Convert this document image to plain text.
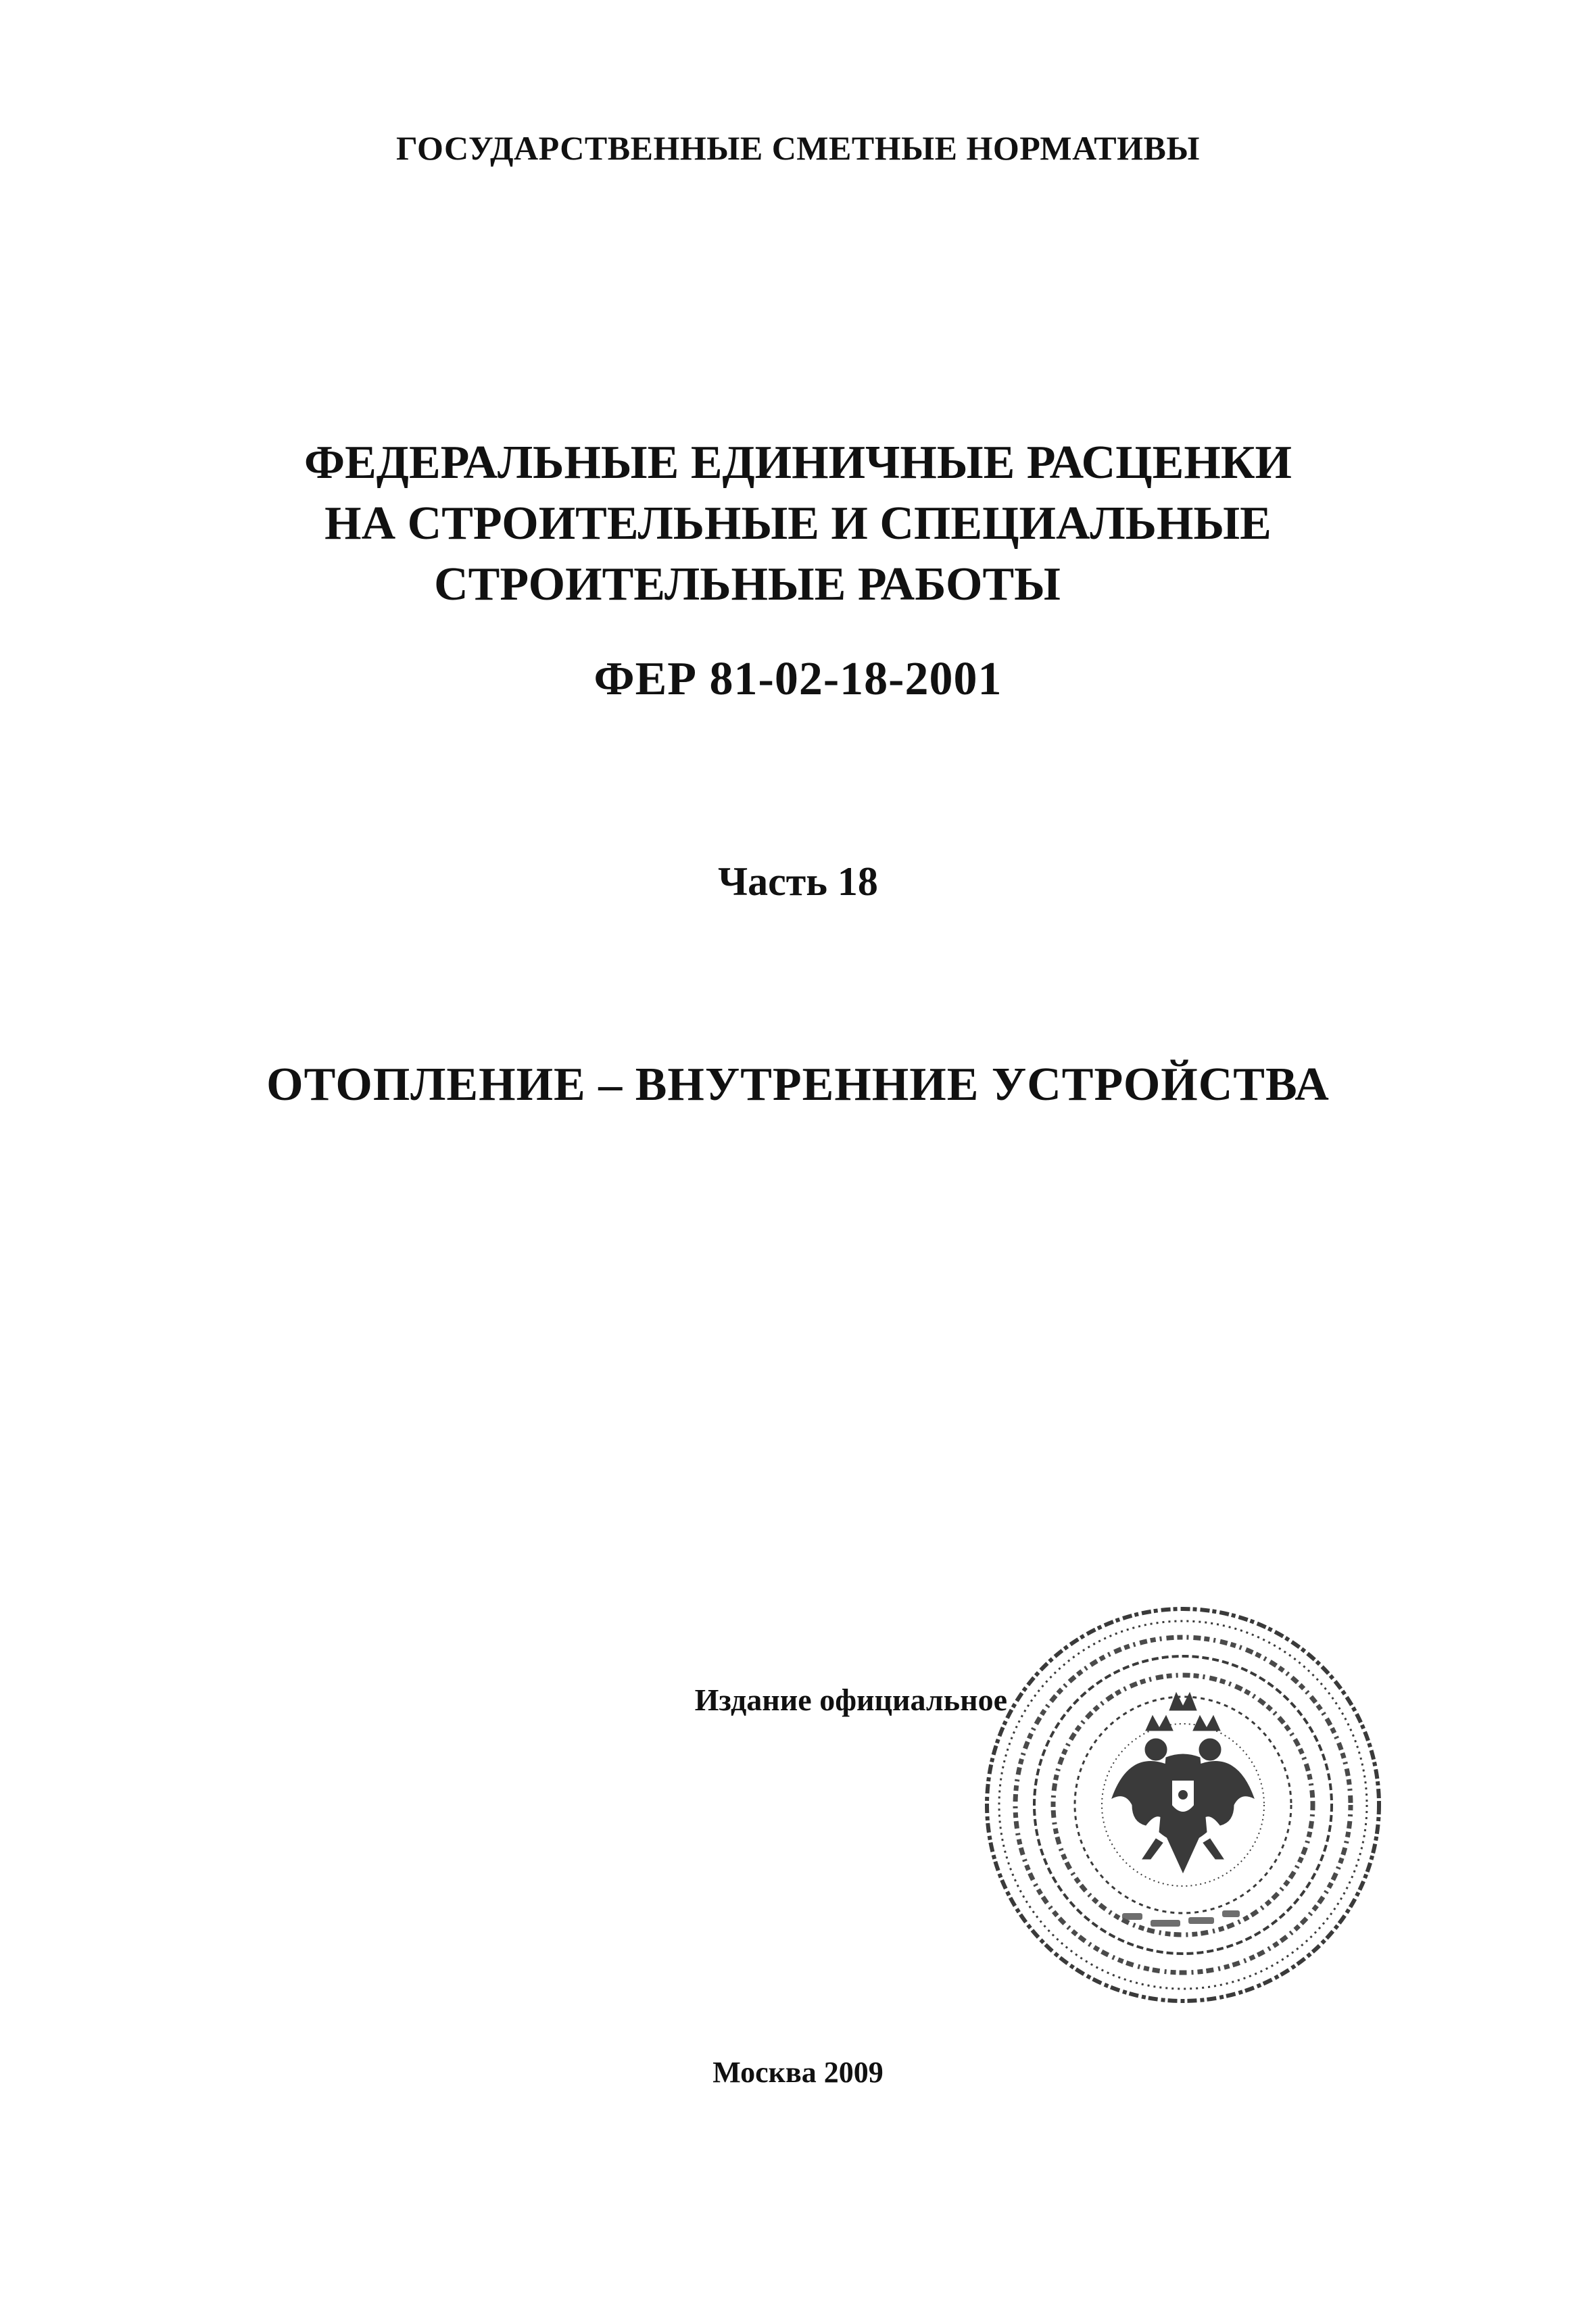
ГОСУДАРСТВЕННЫЕ СМЕТНЫЕ НОРМАТИВЫ
ФЕДЕРАЛЬНЫЕ ЕДИНИЧНЫЕ РАСЦЕНКИ
НА СТРОИТЕЛЬНЫЕ И СПЕЦИАЛЬНЫЕ
СТРОИТЕЛЬНЫЕ РАБОТЫ
ФЕР 81-02-18-2001
Часть 18
ОТОПЛЕНИЕ – ВНУТРЕННИЕ УСТРОЙСТВА
Издание официальное
Москва 2009
